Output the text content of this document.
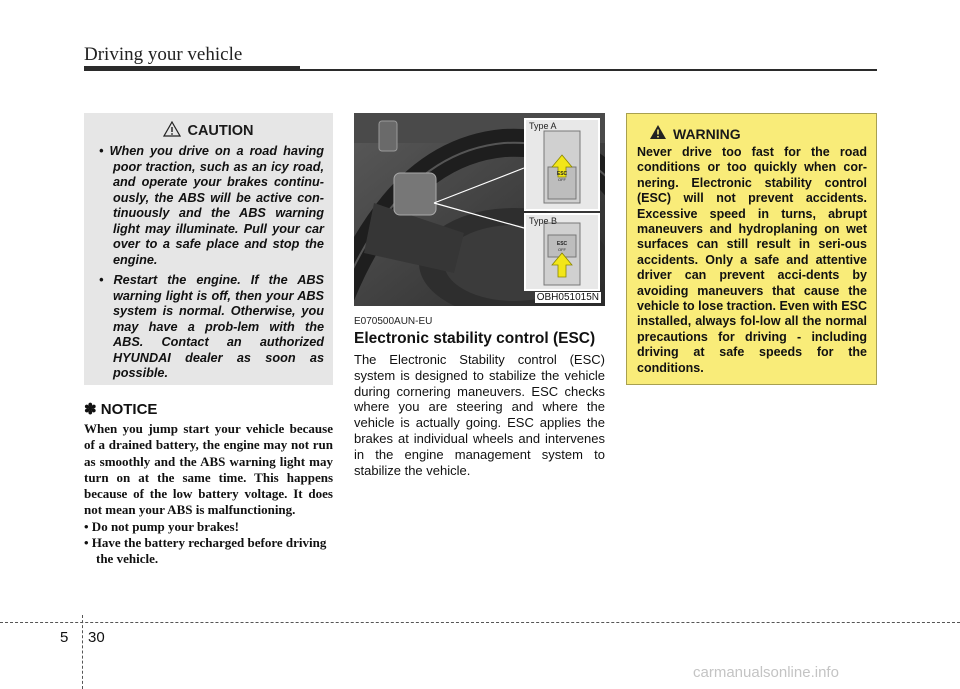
Driving your vehicle
CAUTION
• When you drive on a road having poor traction, such as an icy road, and operate your brakes continu-ously, the ABS will be active con-tinuously and the ABS warning light may illuminate. Pull your car over to a safe place and stop the engine.
• Restart the engine. If the ABS warning light is off, then your ABS system is normal. Otherwise, you may have a prob-lem with the ABS. Contact an authorized HYUNDAI dealer as soon as possible.
✽ NOTICE

When you jump start your vehicle because of a drained battery, the engine may not run as smoothly and the ABS warning light may turn on at the same time. This happens because of the low battery voltage. It does not mean your ABS is malfunctioning.

• Do not pump your brakes!

• Have the battery recharged before driving the vehicle.

Type A
Type B
ESC
OFF
ESC
OFF
OBH051015N
E070500AUN-EU
Electronic stability control (ESC)
The Electronic Stability control (ESC) system is designed to stabilize the vehicle during cornering maneuvers. ESC checks where you are steering and where the vehicle is actually going. ESC applies the brakes at individual wheels and intervenes in the engine management system to stabilize the vehicle.
WARNING
Never drive too fast for the road conditions or too quickly when cor-nering. Electronic stability control (ESC) will not prevent accidents. Excessive speed in turns, abrupt maneuvers and hydroplaning on wet surfaces can still result in seri-ous accidents. Only a safe and attentive driver can prevent acci-dents by avoiding maneuvers that cause the vehicle to lose traction. Even with ESC installed, always fol-low all the normal precautions for driving - including driving at safe speeds for the conditions.
5 30
carmanualsonline.info
